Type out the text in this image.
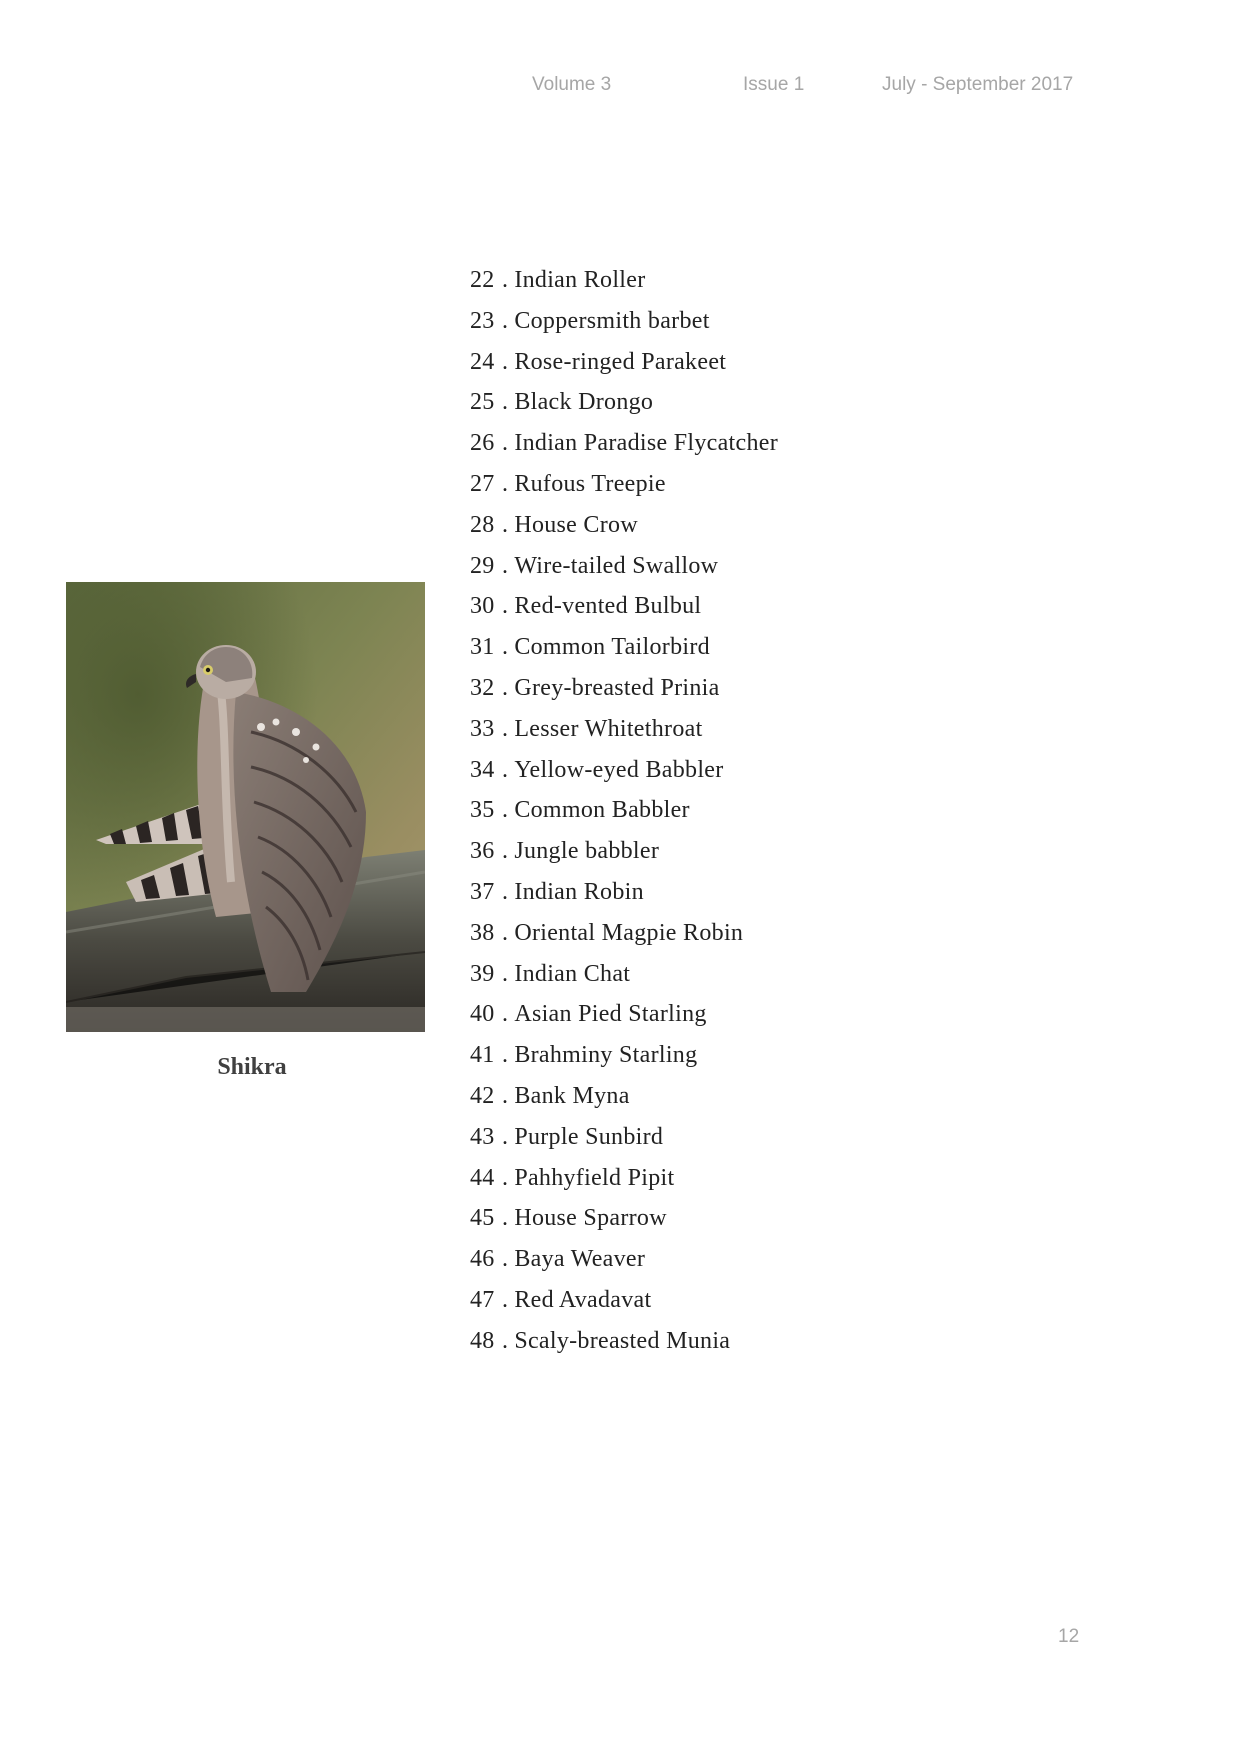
Volume 3	Issue 1	July - September 2017
22 . Indian Roller
23 . Coppersmith barbet
24 . Rose-ringed Parakeet
25 . Black Drongo
26 . Indian Paradise Flycatcher
27 . Rufous Treepie
28 . House Crow
29 . Wire-tailed Swallow
30 . Red-vented Bulbul
31 . Common Tailorbird
32 . Grey-breasted Prinia
33 . Lesser Whitethroat
34 . Yellow-eyed Babbler
35 . Common Babbler
36 . Jungle babbler
37 . Indian Robin
38 . Oriental Magpie Robin
39 . Indian Chat
40 . Asian Pied Starling
41 . Brahminy Starling
42 . Bank Myna
43 . Purple Sunbird
44 . Pahhyfield Pipit
45 . House Sparrow
46 . Baya Weaver
47 . Red Avadavat
48 . Scaly-breasted Munia
Shikra
12
